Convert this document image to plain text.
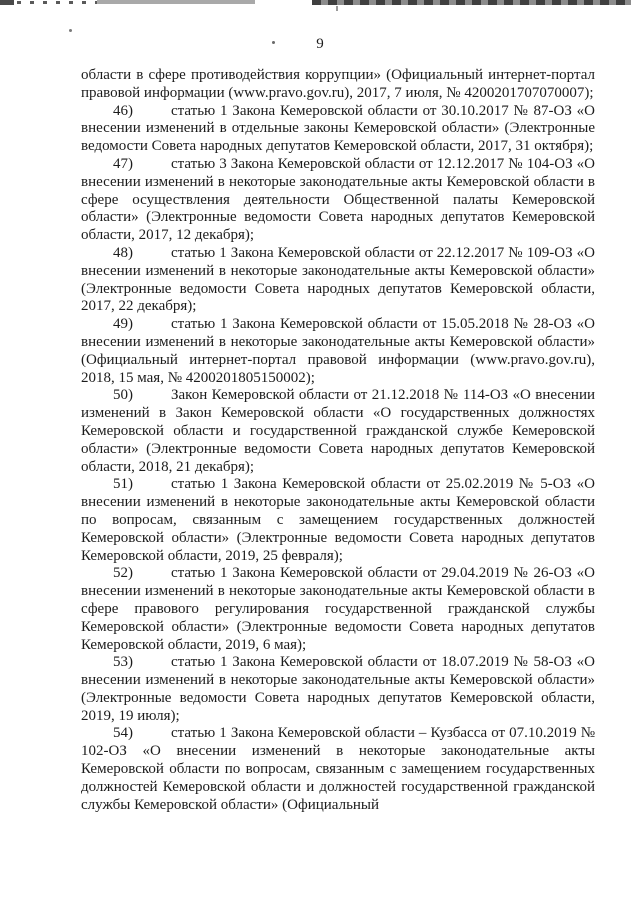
9

области в сфере противодействия коррупции» (Официальный интернет-портал правовой информации (www.pravo.gov.ru), 2017, 7 июля, № 4200201707070007);

46)	статью 1 Закона Кемеровской области от 30.10.2017 № 87-ОЗ «О внесении изменений в отдельные законы Кемеровской области» (Электронные ведомости Совета народных депутатов Кемеровской области, 2017, 31 октября);

47)	статью 3 Закона Кемеровской области от 12.12.2017 № 104-ОЗ «О внесении изменений в некоторые законодательные акты Кемеровской области в сфере осуществления деятельности Общественной палаты Кемеровской области» (Электронные ведомости Совета народных депутатов Кемеровской области, 2017, 12 декабря);

48)	статью 1 Закона Кемеровской области от 22.12.2017 № 109-ОЗ «О внесении изменений в некоторые законодательные акты Кемеровской области» (Электронные ведомости Совета народных депутатов Кемеровской области, 2017, 22 декабря);

49)	статью 1 Закона Кемеровской области от 15.05.2018 № 28-ОЗ «О внесении изменений в некоторые законодательные акты Кемеровской области» (Официальный интернет-портал правовой информации (www.pravo.gov.ru), 2018, 15 мая, № 4200201805150002);

50)	Закон Кемеровской области от 21.12.2018 № 114-ОЗ «О внесении изменений в Закон Кемеровской области «О государственных должностях Кемеровской области и государственной гражданской службе Кемеровской области» (Электронные ведомости Совета народных депутатов Кемеровской области, 2018, 21 декабря);

51)	статью 1 Закона Кемеровской области от 25.02.2019 № 5-ОЗ «О внесении изменений в некоторые законодательные акты Кемеровской области по вопросам, связанным с замещением государственных должностей Кемеровской области» (Электронные ведомости Совета народных депутатов Кемеровской области, 2019, 25 февраля);

52)	статью 1 Закона Кемеровской области от 29.04.2019 № 26-ОЗ «О внесении изменений в некоторые законодательные акты Кемеровской области в сфере правового регулирования государственной гражданской службы Кемеровской области» (Электронные ведомости Совета народных депутатов Кемеровской области, 2019, 6 мая);

53)	статью 1 Закона Кемеровской области от 18.07.2019 № 58-ОЗ «О внесении изменений в некоторые законодательные акты Кемеровской области» (Электронные ведомости Совета народных депутатов Кемеровской области, 2019, 19 июля);

54)	статью 1 Закона Кемеровской области – Кузбасса от 07.10.2019 № 102-ОЗ «О внесении изменений в некоторые законодательные акты Кемеровской области по вопросам, связанным с замещением государственных должностей Кемеровской области и должностей государственной гражданской службы Кемеровской области» (Официальный
